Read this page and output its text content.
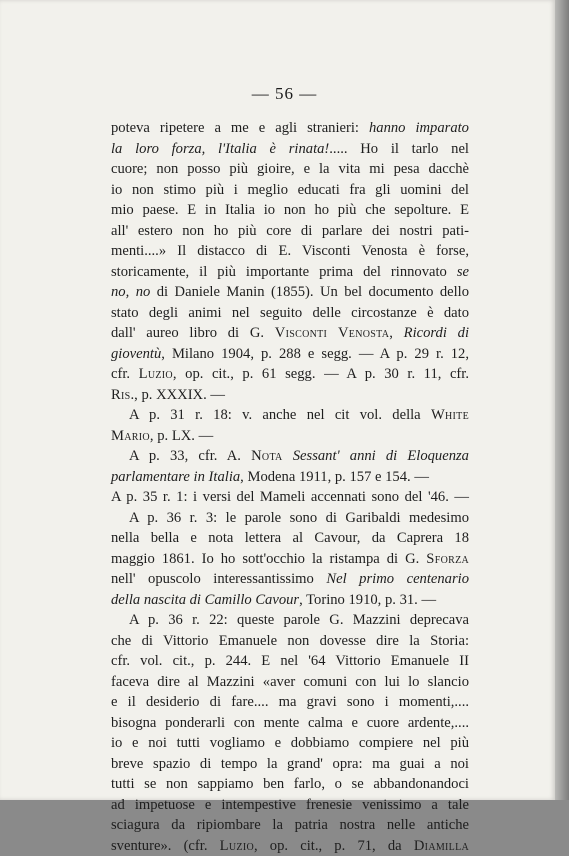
— 56 —
poteva ripetere a me e agli stranieri: hanno imparato
la loro forza, l'Italia è rinata!..... Ho il tarlo nel
cuore; non posso più gioire, e la vita mi pesa dacchè
io non stimo più i meglio educati fra gli uomini del
mio paese. E in Italia io non ho più che sepolture. E
all' estero non ho più core di parlare dei nostri pati-
menti....» Il distacco di E. Visconti Venosta è forse,
storicamente, il più importante prima del rinnovato se
no, no di Daniele Manin (1855). Un bel documento dello
stato degli animi nel seguito delle circostanze è dato
dall' aureo libro di G. Visconti Venosta, Ricordi di
gioventù, Milano 1904, p. 288 e segg. — A p. 29 r. 12,
cfr. Luzio, op. cit., p. 61 segg. — A p. 30 r. 11, cfr.
Ris., p. XXXIX. —
A p. 31 r. 18: v. anche nel cit vol. della White
Mario, p. LX. —
A p. 33, cfr. A. Nota Sessant' anni di Eloquenza
parlamentare in Italia, Modena 1911, p. 157 e 154. —
A p. 35 r. 1: i versi del Mameli accennati sono del '46. —
A p. 36 r. 3: le parole sono di Garibaldi medesimo
nella bella e nota lettera al Cavour, da Caprera 18
maggio 1861. Io ho sott'occhio la ristampa di G. Sforza
nell' opuscolo interessantissimo Nel primo centenario
della nascita di Camillo Cavour, Torino 1910, p. 31. —
A p. 36 r. 22: queste parole G. Mazzini deprecava
che di Vittorio Emanuele non dovesse dire la Storia:
cfr. vol. cit., p. 244. E nel '64 Vittorio Emanuele II
faceva dire al Mazzini «aver comuni con lui lo slancio
e il desiderio di fare.... ma gravi sono i momenti,....
bisogna ponderarli con mente calma e cuore ardente,....
io e noi tutti vogliamo e dobbiamo compiere nel più
breve spazio di tempo la grand' opra: ma guai a noi
tutti se non sappiamo ben farlo, o se abbandonandoci
ad impetuose e intempestive frenesie venissimo a tale
sciagura da ripiombare la patria nostra nelle antiche
sventure». (cfr. Luzio, op. cit., p. 71, da Diamilla
